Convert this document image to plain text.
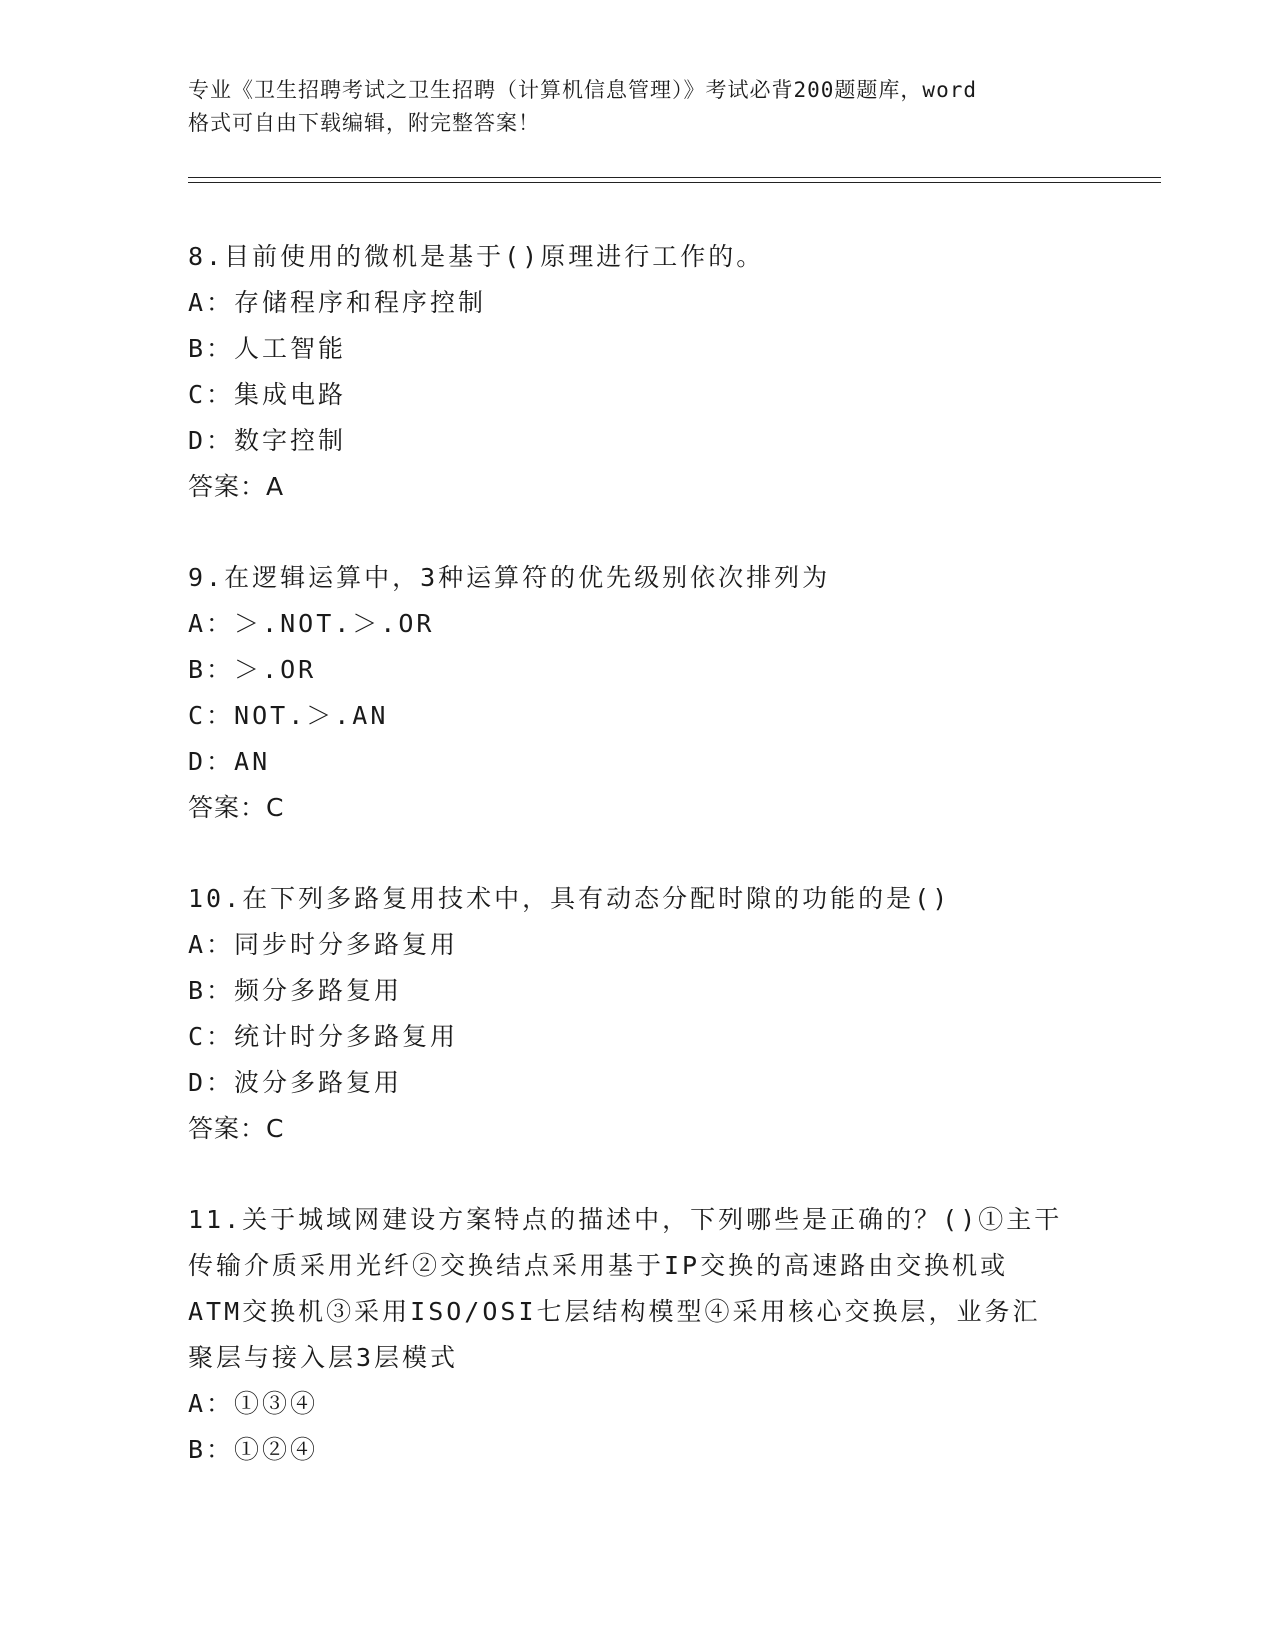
专业《卫生招聘考试之卫生招聘（计算机信息管理）》考试必背200题题库，word
格式可自由下载编辑，附完整答案！

8.目前使用的微机是基于()原理进行工作的。

A：存储程序和程序控制

B：人工智能

C：集成电路

D：数字控制

答案：A

9.在逻辑运算中，3种运算符的优先级别依次排列为

A：＞.NOT.＞.OR

B：＞.OR

C：NOT.＞.AN

D：AN

答案：C

10.在下列多路复用技术中，具有动态分配时隙的功能的是()

A：同步时分多路复用

B：频分多路复用

C：统计时分多路复用

D：波分多路复用

答案：C

11.关于城域网建设方案特点的描述中，下列哪些是正确的？()①主干

传输介质采用光纤②交换结点采用基于IP交换的高速路由交换机或

ATM交换机③采用ISO/OSI七层结构模型④采用核心交换层，业务汇

聚层与接入层3层模式

A：①③④

B：①②④
